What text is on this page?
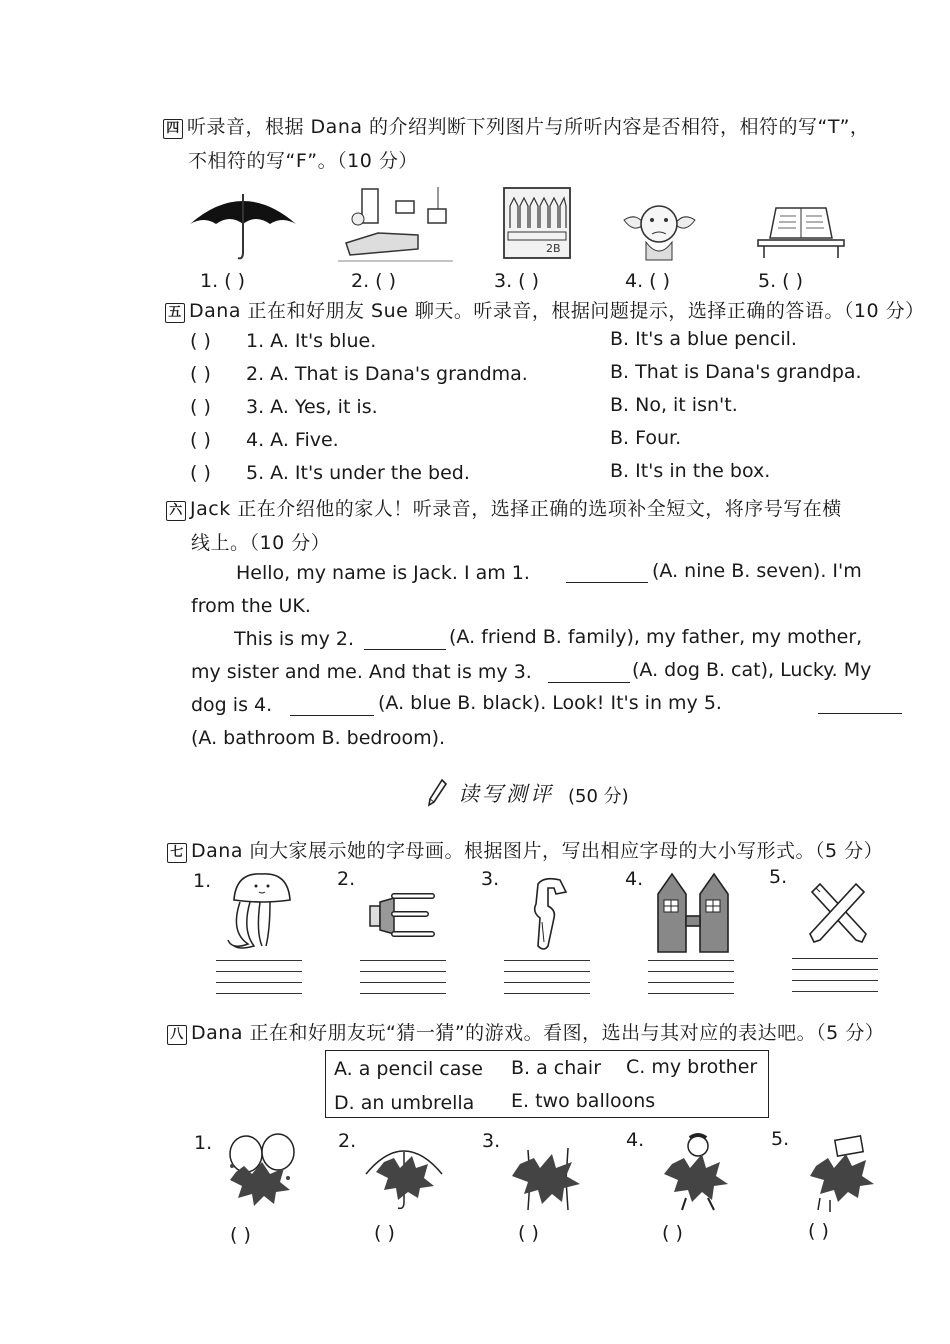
四 听录音，根据 Dana 的介绍判断下列图片与所听内容是否相符，相符的写“T”，
不相符的写“F”。（10 分）
2B
1. ( )	2. ( )	3. ( )	4. ( )	5. ( )
五 Dana 正在和好朋友 Sue 聊天。听录音，根据问题提示，选择正确的答语。（10 分）
( ) 1. A. It's blue.	B. It's a blue pencil.
( ) 2. A. That is Dana's grandma.	B. That is Dana's grandpa.
( ) 3. A. Yes, it is.	B. No, it isn't.
( ) 4. A. Five.	B. Four.
( ) 5. A. It's under the bed.	B. It's in the box.
六 Jack 正在介绍他的家人！听录音，选择正确的选项补全短文，将序号写在横
线上。（10 分）
Hello, my name is Jack. I am 1.	(A. nine B. seven). I'm
from the UK.
This is my 2.	(A. friend B. family), my father, my mother,
my sister and me. And that is my 3.	(A. dog B. cat), Lucky. My
dog is 4.	(A. blue B. black). Look! It's in my 5.
(A. bathroom B. bedroom).
读写测评 (50 分)
七 Dana 向大家展示她的字母画。根据图片，写出相应字母的大小写形式。（5 分）
1.	2.	3.	4.	5.
八 Dana 正在和好朋友玩“猜一猜”的游戏。看图，选出与其对应的表达吧。（5 分）
A. a pencil case B. a chair C. my brother
D. an umbrella E. two balloons
1.	2.	3.	4.	5.
( )	( )	( )	( )	( )
